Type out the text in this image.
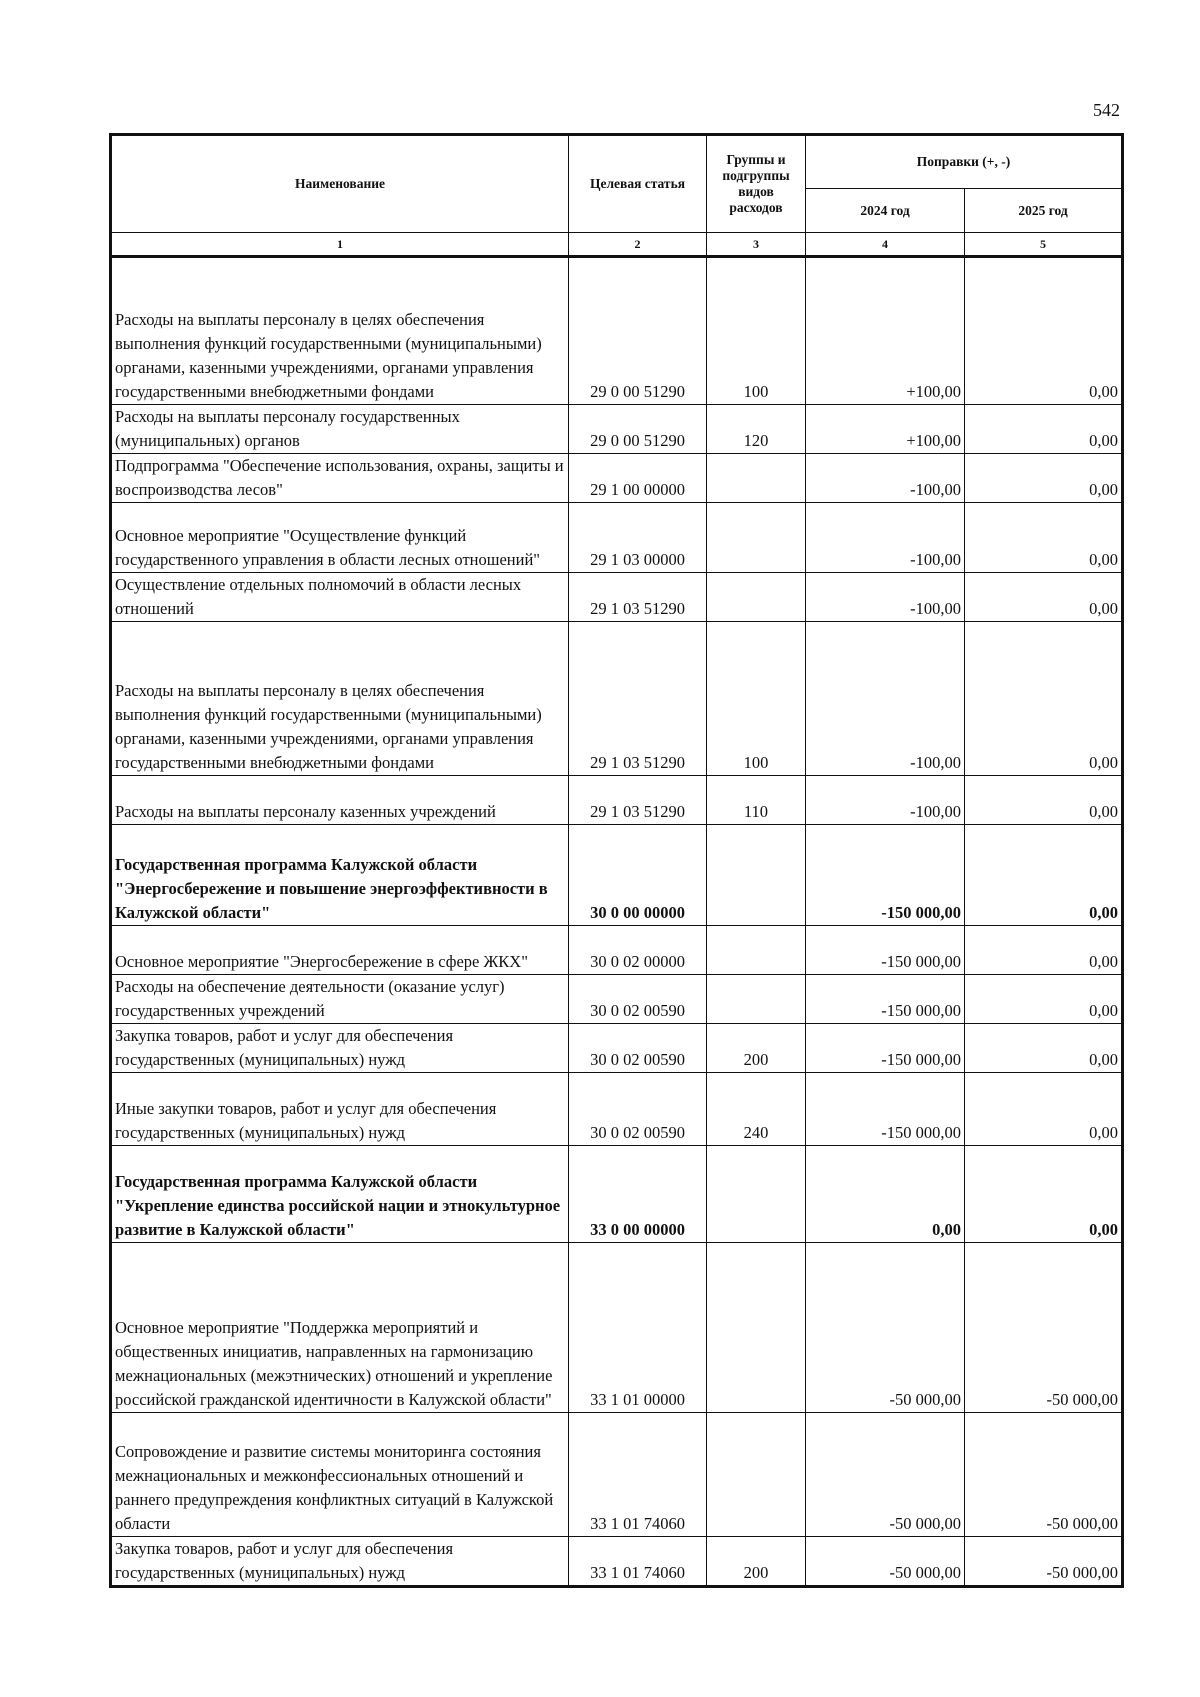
542
Наименование	Целевая статья	Группы и подгруппы видов расходов	Поправки (+, -)	
			2024 год	2025 год
1	2	3	4	5
Расходы на выплаты персоналу в целях обеспечения выполнения функций государственными (муниципальными) органами, казенными учреждениями, органами управления государственными внебюджетными фондами	29 0 00 51290	100	+100,00	0,00
Расходы на выплаты персоналу государственных (муниципальных) органов	29 0 00 51290	120	+100,00	0,00
Подпрограмма "Обеспечение использования, охраны, защиты и воспроизводства лесов"	29 1 00 00000		-100,00	0,00
Основное мероприятие "Осуществление функций государственного управления в области лесных отношений"	29 1 03 00000		-100,00	0,00
Осуществление отдельных полномочий в области лесных отношений	29 1 03 51290		-100,00	0,00
Расходы на выплаты персоналу в целях обеспечения выполнения функций государственными (муниципальными) органами, казенными учреждениями, органами управления государственными внебюджетными фондами	29 1 03 51290	100	-100,00	0,00
Расходы на выплаты персоналу казенных учреждений	29 1 03 51290	110	-100,00	0,00
Государственная программа Калужской области "Энергосбережение и повышение энергоэффективности в Калужской области"	30 0 00 00000		-150 000,00	0,00
Основное мероприятие "Энергосбережение в сфере ЖКХ"	30 0 02 00000		-150 000,00	0,00
Расходы на обеспечение деятельности (оказание услуг) государственных учреждений	30 0 02 00590		-150 000,00	0,00
Закупка товаров, работ и услуг для обеспечения государственных (муниципальных) нужд	30 0 02 00590	200	-150 000,00	0,00
Иные закупки товаров, работ и услуг для обеспечения государственных (муниципальных) нужд	30 0 02 00590	240	-150 000,00	0,00
Государственная программа Калужской области "Укрепление единства российской нации и этнокультурное развитие в Калужской области"	33 0 00 00000		0,00	0,00
Основное мероприятие "Поддержка мероприятий и общественных инициатив, направленных на гармонизацию межнациональных (межэтнических) отношений и укрепление российской гражданской идентичности в Калужской области"	33 1 01 00000		-50 000,00	-50 000,00
Сопровождение и развитие системы мониторинга состояния межнациональных и межконфессиональных отношений и раннего предупреждения конфликтных ситуаций в Калужской области	33 1 01 74060		-50 000,00	-50 000,00
Закупка товаров, работ и услуг для обеспечения государственных (муниципальных) нужд	33 1 01 74060	200	-50 000,00	-50 000,00
